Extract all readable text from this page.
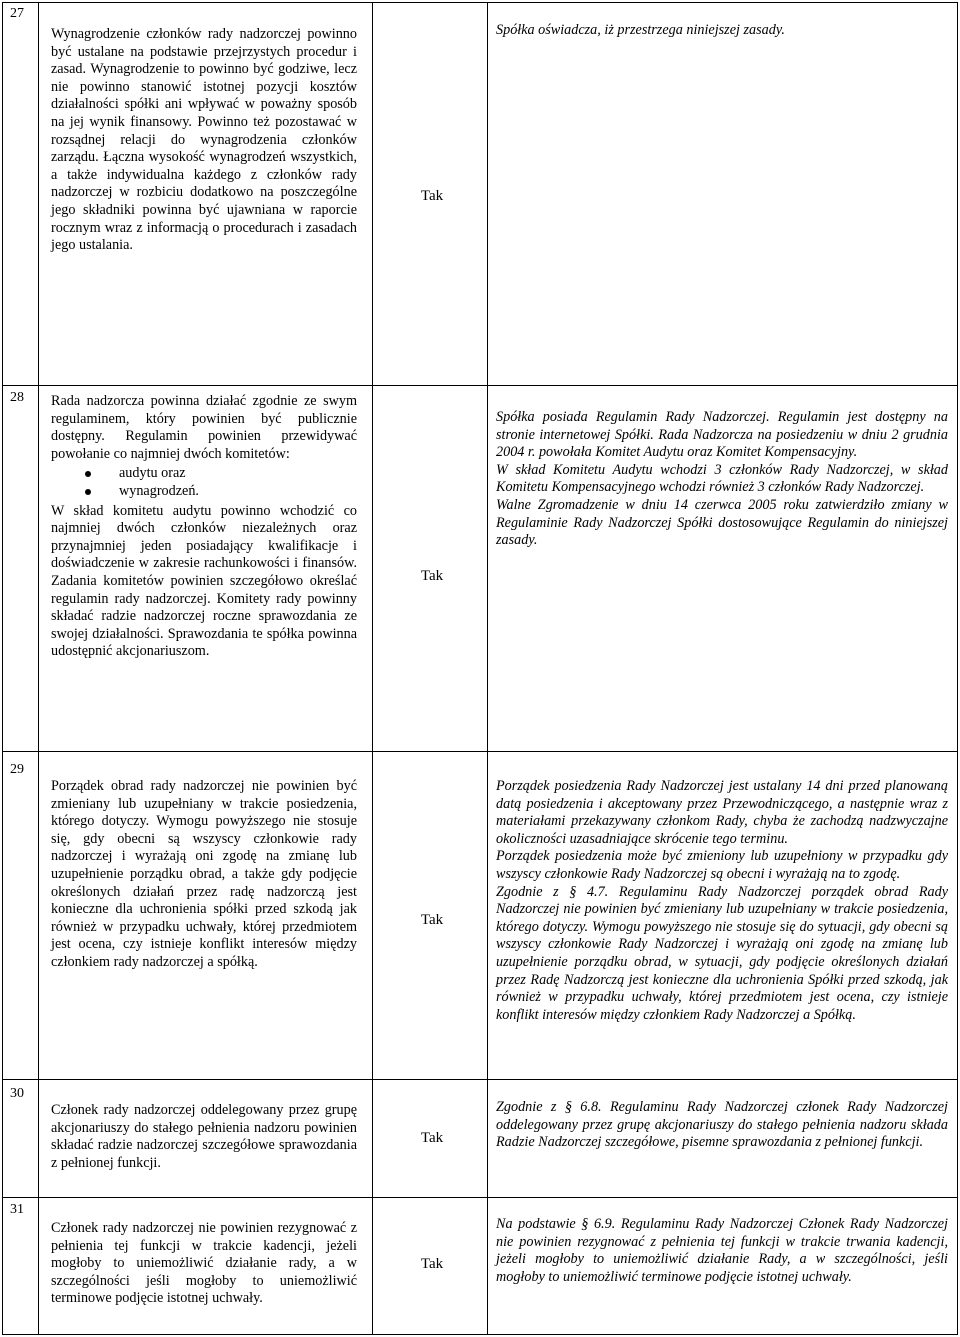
27
Wynagrodzenie członków rady nadzorczej powinno być ustalane na podstawie przejrzystych procedur i zasad. Wynagrodzenie to powinno być godziwe, lecz nie powinno stanowić istotnej pozycji kosztów działalności spółki ani wpływać w poważny sposób na jej wynik finansowy. Powinno też pozostawać w rozsądnej relacji do wynagrodzenia członków zarządu. Łączna wysokość wynagrodzeń wszystkich, a także indywidualna każdego z członków rady nadzorczej w rozbiciu dodatkowo na poszczególne jego składniki powinna być ujawniana w raporcie rocznym wraz z informacją o procedurach i zasadach jego ustalania.
Tak

Spółka oświadcza, iż przestrzega niniejszej zasady.

28 Rada nadzorcza powinna działać zgodnie ze swym regulaminem, który powinien być publicznie dostępny. Regulamin powinien przewidywać powołanie co najmniej dwóch komitetów:

audytu oraz
wynagrodzeń.

W skład komitetu audytu powinno wchodzić co najmniej dwóch członków niezależnych oraz przynajmniej jeden posiadający kwalifikacje i doświadczenie w zakresie rachunkowości i finansów. Zadania komitetów powinien szczegółowo określać regulamin rady nadzorczej. Komitety rady powinny składać radzie nadzorczej roczne sprawozdania ze swojej działalności. Sprawozdania te spółka powinna udostępnić akcjonariuszom.

Tak

Spółka posiada Regulamin Rady Nadzorczej. Regulamin jest dostępny na stronie internetowej Spółki. Rada Nadzorcza na posiedzeniu w dniu 2 grudnia 2004 r. powołała Komitet Audytu oraz Komitet Kompensacyjny.

W skład Komitetu Audytu wchodzi 3 członków Rady Nadzorczej, w skład Komitetu Kompensacyjnego wchodzi również 3 członków Rady Nadzorczej.

Walne Zgromadzenie w dniu 14 czerwca 2005 roku zatwierdziło zmiany w Regulaminie Rady Nadzorczej Spółki dostosowujące Regulamin do niniejszej zasady.

29
Porządek obrad rady nadzorczej nie powinien być zmieniany lub uzupełniany w trakcie posiedzenia, którego dotyczy. Wymogu powyższego nie stosuje się, gdy obecni są wszyscy członkowie rady nadzorczej i wyrażają oni zgodę na zmianę lub uzupełnienie porządku obrad, a także gdy podjęcie określonych działań przez radę nadzorczą jest konieczne dla uchronienia spółki przed szkodą jak również w przypadku uchwały, której przedmiotem jest ocena, czy istnieje konflikt interesów między członkiem rady nadzorczej a spółką.
Tak

Porządek posiedzenia Rady Nadzorczej jest ustalany 14 dni przed planowaną datą posiedzenia i akceptowany przez Przewodniczącego, a następnie wraz z materiałami przekazywany członkom Rady, chyba że zachodzą nadzwyczajne okoliczności uzasadniające skrócenie tego terminu.

Porządek posiedzenia może być zmieniony lub uzupełniony w przypadku gdy wszyscy członkowie Rady Nadzorczej są obecni i wyrażają na to zgodę.

Zgodnie z § 4.7. Regulaminu Rady Nadzorczej porządek obrad Rady Nadzorczej nie powinien być zmieniany lub uzupełniany w trakcie posiedzenia, którego dotyczy. Wymogu powyższego nie stosuje się do sytuacji, gdy obecni są wszyscy członkowie Rady Nadzorczej i wyrażają oni zgodę na zmianę lub uzupełnienie porządku obrad, w sytuacji, gdy podjęcie określonych działań przez Radę Nadzorczą jest konieczne dla uchronienia Spółki przed szkodą, jak również w przypadku uchwały, której przedmiotem jest ocena, czy istnieje konflikt interesów między członkiem Rady Nadzorczej a Spółką.

30
Członek rady nadzorczej oddelegowany przez grupę akcjonariuszy do stałego pełnienia nadzoru powinien składać radzie nadzorczej szczegółowe sprawozdania z pełnionej funkcji.
Tak

Zgodnie z § 6.8. Regulaminu Rady Nadzorczej członek Rady Nadzorczej oddelegowany przez grupę akcjonariuszy do stałego pełnienia nadzoru składa Radzie Nadzorczej szczegółowe, pisemne sprawozdania z pełnionej funkcji.

31
Członek rady nadzorczej nie powinien rezygnować z pełnienia tej funkcji w trakcie kadencji, jeżeli mogłoby to uniemożliwić działanie rady, a w szczególności jeśli mogłoby to uniemożliwić terminowe podjęcie istotnej uchwały.
Tak

Na podstawie § 6.9. Regulaminu Rady Nadzorczej Członek Rady Nadzorczej nie powinien rezygnować z pełnienia tej funkcji w trakcie trwania kadencji, jeżeli mogłoby to uniemożliwić działanie Rady, a w szczególności, jeśli mogłoby to uniemożliwić terminowe podjęcie istotnej uchwały.
